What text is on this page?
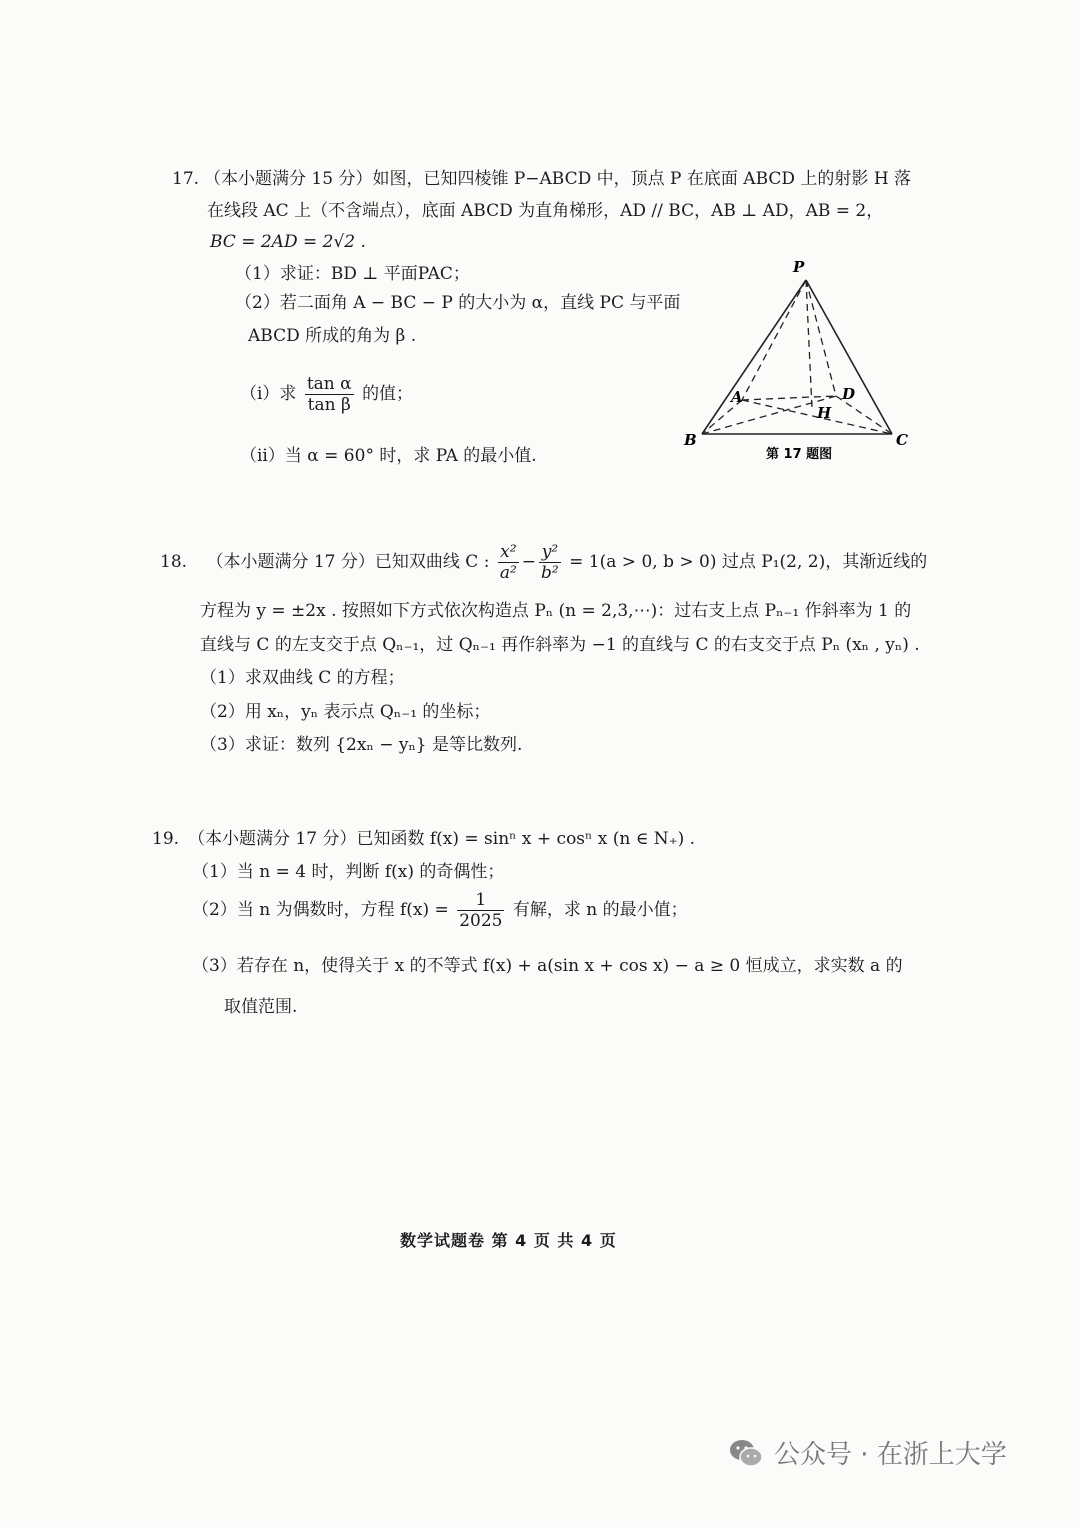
17. （本小题满分 15 分）如图，已知四棱锥 P−ABCD 中，顶点 P 在底面 ABCD 上的射影 H 落
在线段 AC 上（不含端点），底面 ABCD 为直角梯形，AD // BC，AB ⊥ AD，AB = 2，
BC = 2AD = 2√2 .
（1）求证：BD ⊥ 平面PAC；
（2）若二面角 A − BC − P 的大小为 α，直线 PC 与平面
ABCD 所成的角为 β .
（i）求 $\frac{\text{tan α}}{\text{tan β}}$ 的值；
（ii）当 α = 60° 时，求 PA 的最小值.
P
A	D
H
B	C
第 17 题图
18. （本小题满分 17 分）已知双曲线 C : $\frac{\text{x²}}{\text{a²}} - \frac{\text{y²}}{\text{b²}} = 1(a > 0$, b > 0) 过点 P₁(2, 2)，其渐近线的
方程为 y = ±2x . 按照如下方式依次构造点 Pₙ (n = 2,3,⋯)：过右支上点 Pₙ₋₁ 作斜率为 1 的
直线与 C 的左支交于点 Qₙ₋₁，过 Qₙ₋₁ 再作斜率为 −1 的直线与 C 的右支交于点 Pₙ (xₙ , yₙ) .
（1）求双曲线 C 的方程；
（2）用 xₙ，yₙ 表示点 Qₙ₋₁ 的坐标；
（3）求证：数列 {2xₙ − yₙ} 是等比数列.
19. （本小题满分 17 分）已知函数 f(x) = sinⁿ x + cosⁿ x (n ∈ N₊) .
（1）当 n = 4 时，判断 f(x) 的奇偶性；
（2）当 n 为偶数时，方程 $f(x) = \frac{1}{2025}$ 有解，求 n 的最小值；
（3）若存在 n，使得关于 x 的不等式 f(x) + a(sin x + cos x) − a ≥ 0 恒成立，求实数 a 的
取值范围.
数学试题卷 第 4 页 共 4 页
公众号 · 在浙上大学
